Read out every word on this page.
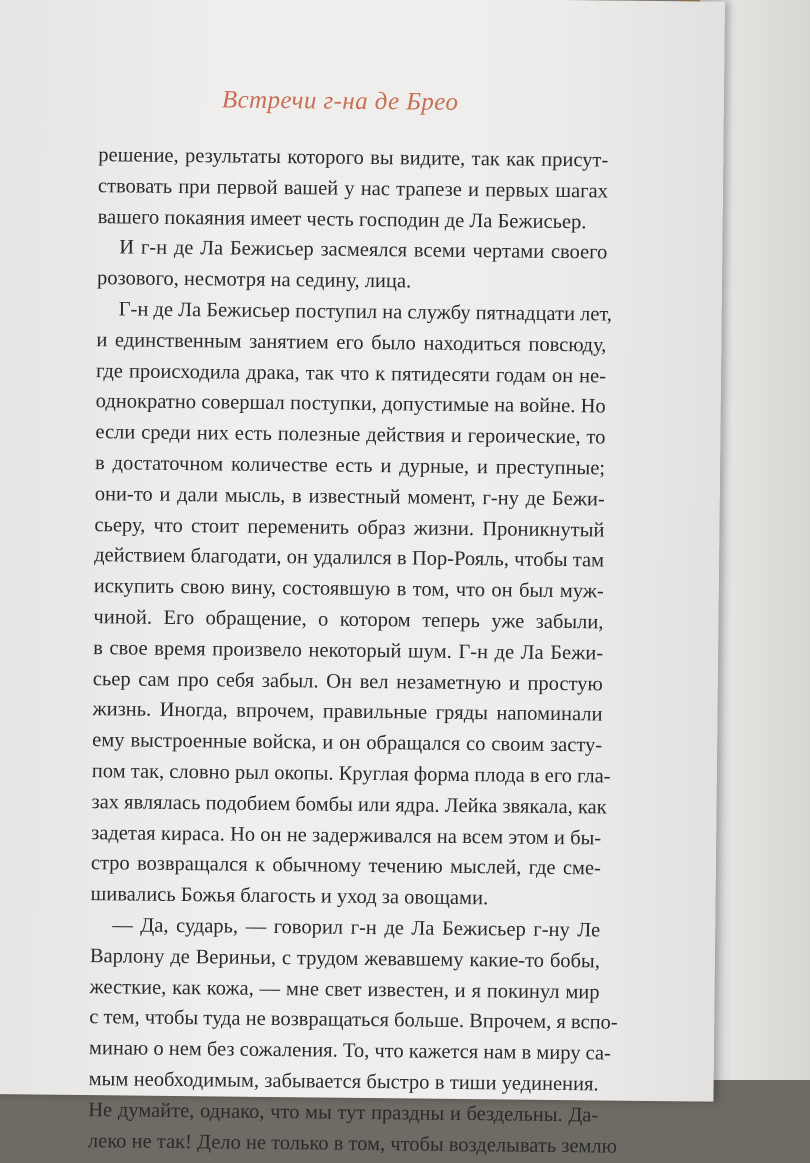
Встречи г-на де Брео
решение, результаты которого вы видите, так как присут-
ствовать при первой вашей у нас трапезе и первых шагах
вашего покаяния имеет честь господин де Ла Бежисьер.
И г-н де Ла Бежисьер засмеялся всеми чертами своего
розового, несмотря на седину, лица.
Г-н де Ла Бежисьер поступил на службу пятнадцати лет,
и единственным занятием его было находиться повсюду,
где происходила драка, так что к пятидесяти годам он не-
однократно совершал поступки, допустимые на войне. Но
если среди них есть полезные действия и героические, то
в достаточном количестве есть и дурные, и преступные;
они-то и дали мысль, в известный момент, г-ну де Бежи-
сьеру, что стоит переменить образ жизни. Проникнутый
действием благодати, он удалился в Пор-Рояль, чтобы там
искупить свою вину, состоявшую в том, что он был муж-
чиной. Его обращение, о котором теперь уже забыли,
в свое время произвело некоторый шум. Г-н де Ла Бежи-
сьер сам про себя забыл. Он вел незаметную и простую
жизнь. Иногда, впрочем, правильные гряды напоминали
ему выстроенные войска, и он обращался со своим засту-
пом так, словно рыл окопы. Круглая форма плода в его гла-
зах являлась подобием бомбы или ядра. Лейка звякала, как
задетая кираса. Но он не задерживался на всем этом и бы-
стро возвращался к обычному течению мыслей, где сме-
шивались Божья благость и уход за овощами.
— Да, сударь, — говорил г-н де Ла Бежисьер г-ну Ле
Варлону де Вериньи, с трудом жевавшему какие-то бобы,
жесткие, как кожа, — мне свет известен, и я покинул мир
с тем, чтобы туда не возвращаться больше. Впрочем, я вспо-
минаю о нем без сожаления. То, что кажется нам в миру са-
мым необходимым, забывается быстро в тиши уединения.
Не думайте, однако, что мы тут праздны и бездельны. Да-
леко не так! Дело не только в том, чтобы возделывать землю
